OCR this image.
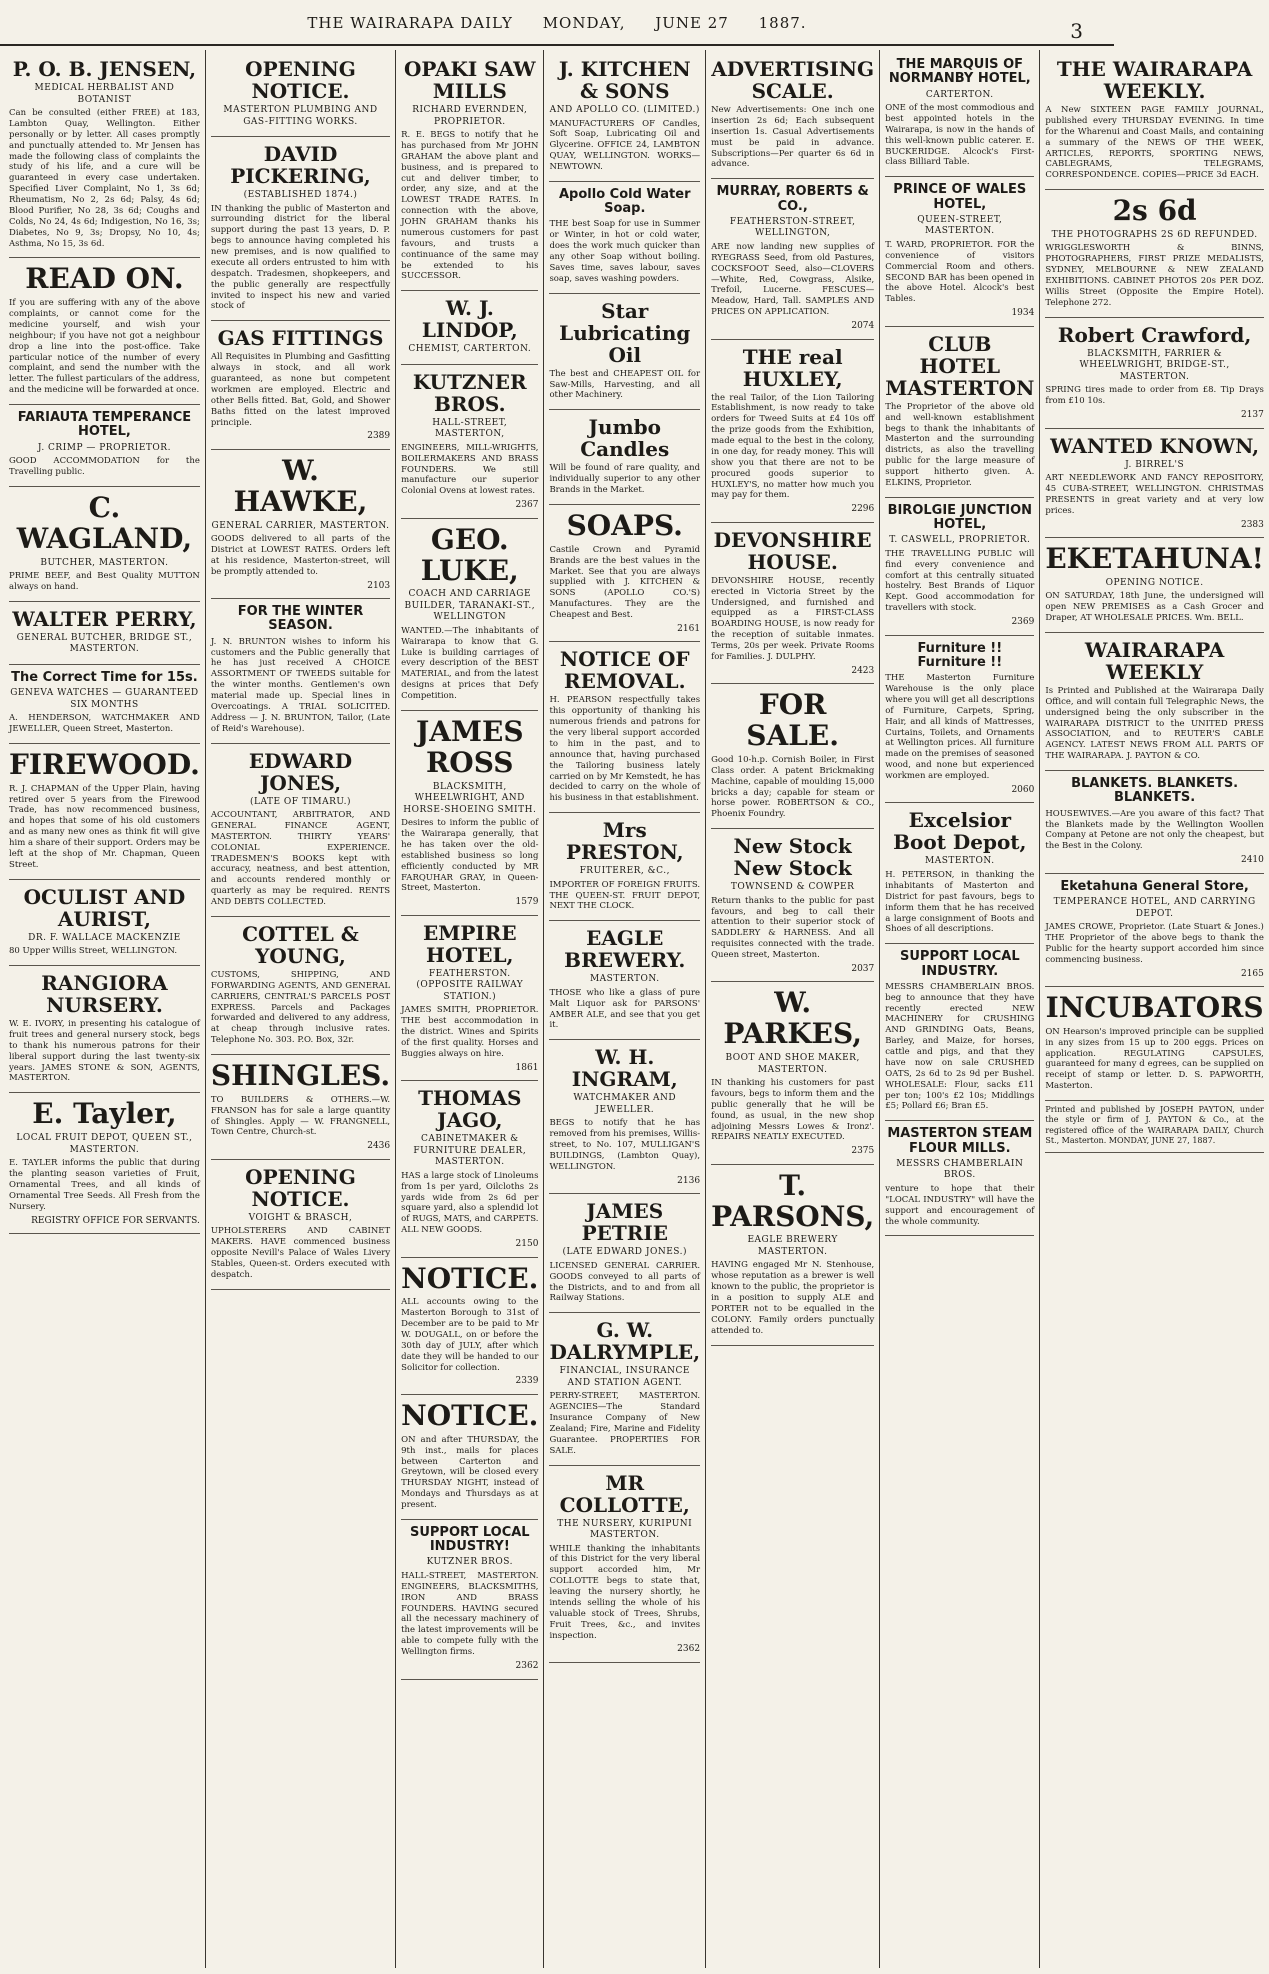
THE WAIRARAPA DAILY MONDAY, JUNE 27 1887.	3
P. O. B. JENSEN,
MEDICAL HERBALIST AND BOTANIST

Can be consulted (either FREE) at 183, Lambton Quay, Wellington. Either personally or by letter. All cases promptly and punctually attended to. Mr Jensen has made the following class of complaints the study of his life, and a cure will be guaranteed in every case undertaken. Specified Liver Complaint, No 1, 3s 6d; Rheumatism, No 2, 2s 6d; Palsy, 4s 6d; Blood Purifier, No 28, 3s 6d; Coughs and Colds, No 24, 4s 6d; Indigestion, No 16, 3s; Diabetes, No 9, 3s; Dropsy, No 10, 4s; Asthma, No 15, 3s 6d.

READ ON.

If you are suffering with any of the above complaints, or cannot come for the medicine yourself, and wish your neighbour; if you have not got a neighbour drop a line into the post-office. Take particular notice of the number of every complaint, and send the number with the letter. The fullest particulars of the address, and the medicine will be forwarded at once.

FARIAUTA TEMPERANCE HOTEL,
J. CRIMP — PROPRIETOR.

GOOD ACCOMMODATION for the Travelling public.

C. WAGLAND,
BUTCHER, MASTERTON.

PRIME BEEF, and Best Quality MUTTON always on hand.

WALTER PERRY,
GENERAL BUTCHER, BRIDGE ST., MASTERTON.
The Correct Time for 15s.
GENEVA WATCHES — GUARANTEED SIX MONTHS

A. HENDERSON, WATCHMAKER AND JEWELLER, Queen Street, Masterton.

FIREWOOD.

R. J. CHAPMAN of the Upper Plain, having retired over 5 years from the Firewood Trade, has now recommenced business, and hopes that some of his old customers and as many new ones as think fit will give him a share of their support. Orders may be left at the shop of Mr. Chapman, Queen Street.

OCULIST AND AURIST,
DR. F. WALLACE MACKENZIE

80 Upper Willis Street, WELLINGTON.

RANGIORA NURSERY.

W. E. IVORY, in presenting his catalogue of fruit trees and general nursery stock, begs to thank his numerous patrons for their liberal support during the last twenty-six years. JAMES STONE & SON, AGENTS, MASTERTON.

E. Tayler,
LOCAL FRUIT DEPOT, QUEEN ST., MASTERTON.

E. TAYLER informs the public that during the planting season varieties of Fruit, Ornamental Trees, and all kinds of Ornamental Tree Seeds. All Fresh from the Nursery.

REGISTRY OFFICE FOR SERVANTS.
OPENING NOTICE.
MASTERTON PLUMBING AND GAS-FITTING WORKS.
DAVID PICKERING,
(ESTABLISHED 1874.)

IN thanking the public of Masterton and surrounding district for the liberal support during the past 13 years, D. P. begs to announce having completed his new premises, and is now qualified to execute all orders entrusted to him with despatch. Tradesmen, shopkeepers, and the public generally are respectfully invited to inspect his new and varied stock of

GAS FITTINGS

All Requisites in Plumbing and Gasfitting always in stock, and all work guaranteed, as none but competent workmen are employed. Electric and other Bells fitted. Bat, Gold, and Shower Baths fitted on the latest improved principle.

2389
W. HAWKE,
GENERAL CARRIER, MASTERTON.

GOODS delivered to all parts of the District at LOWEST RATES. Orders left at his residence, Masterton-street, will be promptly attended to.

2103
FOR THE WINTER SEASON.

J. N. BRUNTON wishes to inform his customers and the Public generally that he has just received A CHOICE ASSORTMENT OF TWEEDS suitable for the winter months. Gentlemen's own material made up. Special lines in Overcoatings. A TRIAL SOLICITED. Address — J. N. BRUNTON, Tailor, (Late of Reid's Warehouse).

EDWARD JONES,
(LATE OF TIMARU.)

ACCOUNTANT, ARBITRATOR, AND GENERAL FINANCE AGENT, MASTERTON. THIRTY YEARS' COLONIAL EXPERIENCE. TRADESMEN'S BOOKS kept with accuracy, neatness, and best attention, and accounts rendered monthly or quarterly as may be required. RENTS AND DEBTS COLLECTED.

COTTEL & YOUNG,

CUSTOMS, SHIPPING, AND FORWARDING AGENTS, AND GENERAL CARRIERS, CENTRAL'S PARCELS POST EXPRESS. Parcels and Packages forwarded and delivered to any address, at cheap through inclusive rates. Telephone No. 303. P.O. Box, 32r.

SHINGLES.

TO BUILDERS & OTHERS.—W. FRANSON has for sale a large quantity of Shingles. Apply — W. FRANGNELL, Town Centre, Church-st.

2436
OPENING NOTICE.
VOIGHT & BRASCH,

UPHOLSTERERS AND CABINET MAKERS. HAVE commenced business opposite Nevill's Palace of Wales Livery Stables, Queen-st. Orders executed with despatch.

OPAKI SAW MILLS
RICHARD EVERNDEN, PROPRIETOR.

R. E. BEGS to notify that he has purchased from Mr JOHN GRAHAM the above plant and business, and is prepared to cut and deliver timber, to order, any size, and at the LOWEST TRADE RATES. In connection with the above, JOHN GRAHAM thanks his numerous customers for past favours, and trusts a continuance of the same may be extended to his SUCCESSOR.

W. J. LINDOP,
CHEMIST, CARTERTON.
KUTZNER BROS.
HALL-STREET, MASTERTON,

ENGINEERS, MILL-WRIGHTS, BOILERMAKERS AND BRASS FOUNDERS. We still manufacture our superior Colonial Ovens at lowest rates.

2367
GEO. LUKE,
COACH AND CARRIAGE BUILDER, TARANAKI-ST., WELLINGTON

WANTED.—The inhabitants of Wairarapa to know that G. Luke is building carriages of every description of the BEST MATERIAL, and from the latest designs at prices that Defy Competition.

JAMES ROSS
BLACKSMITH, WHEELWRIGHT, AND HORSE-SHOEING SMITH.

Desires to inform the public of the Wairarapa generally, that he has taken over the old-established business so long efficiently conducted by MR FARQUHAR GRAY, in Queen-Street, Masterton.

1579
EMPIRE HOTEL,
FEATHERSTON. (OPPOSITE RAILWAY STATION.)

JAMES SMITH, PROPRIETOR. THE best accommodation in the district. Wines and Spirits of the first quality. Horses and Buggies always on hire.

1861
THOMAS JAGO,
CABINETMAKER & FURNITURE DEALER, MASTERTON.

HAS a large stock of Linoleums from 1s per yard, Oilcloths 2s yards wide from 2s 6d per square yard, also a splendid lot of RUGS, MATS, and CARPETS. ALL NEW GOODS.

2150
NOTICE.

ALL accounts owing to the Masterton Borough to 31st of December are to be paid to Mr W. DOUGALL, on or before the 30th day of JULY, after which date they will be handed to our Solicitor for collection.

2339
NOTICE.

ON and after THURSDAY, the 9th inst., mails for places between Carterton and Greytown, will be closed every THURSDAY NIGHT, instead of Mondays and Thursdays as at present.

SUPPORT LOCAL INDUSTRY!
KUTZNER BROS.

HALL-STREET, MASTERTON. ENGINEERS, BLACKSMITHS, IRON AND BRASS FOUNDERS. HAVING secured all the necessary machinery of the latest improvements will be able to compete fully with the Wellington firms.

2362
J. KITCHEN & SONS
AND APOLLO CO. (LIMITED.)

MANUFACTURERS OF Candles, Soft Soap, Lubricating Oil and Glycerine. OFFICE 24, LAMBTON QUAY, WELLINGTON. WORKS—NEWTOWN.

Apollo Cold Water Soap.

THE best Soap for use in Summer or Winter, in hot or cold water, does the work much quicker than any other Soap without boiling. Saves time, saves labour, saves soap, saves washing powders.

Star Lubricating Oil

The best and CHEAPEST OIL for Saw-Mills, Harvesting, and all other Machinery.

Jumbo Candles

Will be found of rare quality, and individually superior to any other Brands in the Market.

SOAPS.

Castile Crown and Pyramid Brands are the best values in the Market. See that you are always supplied with J. KITCHEN & SONS (APOLLO CO.'S) Manufactures. They are the Cheapest and Best.

2161
NOTICE OF REMOVAL.

H. PEARSON respectfully takes this opportunity of thanking his numerous friends and patrons for the very liberal support accorded to him in the past, and to announce that, having purchased the Tailoring business lately carried on by Mr Kemstedt, he has decided to carry on the whole of his business in that establishment.

Mrs PRESTON,
FRUITERER, &C.,

IMPORTER OF FOREIGN FRUITS. THE QUEEN-ST. FRUIT DEPOT, NEXT THE CLOCK.

EAGLE BREWERY.
MASTERTON.

THOSE who like a glass of pure Malt Liquor ask for PARSONS' AMBER ALE, and see that you get it.

W. H. INGRAM,
WATCHMAKER AND JEWELLER.

BEGS to notify that he has removed from his premises, Willis-street, to No. 107, MULLIGAN'S BUILDINGS, (Lambton Quay), WELLINGTON.

2136
JAMES PETRIE
(LATE EDWARD JONES.)

LICENSED GENERAL CARRIER. GOODS conveyed to all parts of the Districts, and to and from all Railway Stations.

G. W. DALRYMPLE,
FINANCIAL, INSURANCE AND STATION AGENT.

PERRY-STREET, MASTERTON. AGENCIES—The Standard Insurance Company of New Zealand; Fire, Marine and Fidelity Guarantee. PROPERTIES FOR SALE.

MR COLLOTTE,
THE NURSERY, KURIPUNI MASTERTON.

WHILE thanking the inhabitants of this District for the very liberal support accorded him, Mr COLLOTTE begs to state that, leaving the nursery shortly, he intends selling the whole of his valuable stock of Trees, Shrubs, Fruit Trees, &c., and invites inspection.

2362
ADVERTISING SCALE.

New Advertisements: One inch one insertion 2s 6d; Each subsequent insertion 1s. Casual Advertisements must be paid in advance. Subscriptions—Per quarter 6s 6d in advance.

MURRAY, ROBERTS & CO.,
FEATHERSTON-STREET, WELLINGTON,

ARE now landing new supplies of RYEGRASS Seed, from old Pastures, COCKSFOOT Seed, also—CLOVERS—White, Red, Cowgrass, Alsike, Trefoil, Lucerne. FESCUES—Meadow, Hard, Tall. SAMPLES AND PRICES ON APPLICATION.

2074
THE real HUXLEY,

the real Tailor, of the Lion Tailoring Establishment, is now ready to take orders for Tweed Suits at £4 10s off the prize goods from the Exhibition, made equal to the best in the colony, in one day, for ready money. This will show you that there are not to be procured goods superior to HUXLEY'S, no matter how much you may pay for them.

2296
DEVONSHIRE HOUSE.

DEVONSHIRE HOUSE, recently erected in Victoria Street by the Undersigned, and furnished and equipped as a FIRST-CLASS BOARDING HOUSE, is now ready for the reception of suitable inmates. Terms, 20s per week. Private Rooms for Families. J. DULPHY.

2423
FOR SALE.

Good 10-h.p. Cornish Boiler, in First Class order. A patent Brickmaking Machine, capable of moulding 15,000 bricks a day; capable for steam or horse power. ROBERTSON & CO., Phoenix Foundry.

New Stock New Stock
TOWNSEND & COWPER

Return thanks to the public for past favours, and beg to call their attention to their superior stock of SADDLERY & HARNESS. And all requisites connected with the trade. Queen street, Masterton.

2037
W. PARKES,
BOOT AND SHOE MAKER, MASTERTON.

IN thanking his customers for past favours, begs to inform them and the public generally that he will be found, as usual, in the new shop adjoining Messrs Lowes & Ironz'. REPAIRS NEATLY EXECUTED.

2375
T. PARSONS,
EAGLE BREWERY MASTERTON.

HAVING engaged Mr N. Stenhouse, whose reputation as a brewer is well known to the public, the proprietor is in a position to supply ALE and PORTER not to be equalled in the COLONY. Family orders punctually attended to.

THE MARQUIS OF NORMANBY HOTEL,
CARTERTON.

ONE of the most commodious and best appointed hotels in the Wairarapa, is now in the hands of this well-known public caterer. E. BUCKERIDGE. Alcock's First-class Billiard Table.

PRINCE OF WALES HOTEL,
QUEEN-STREET, MASTERTON.

T. WARD, PROPRIETOR. FOR the convenience of visitors Commercial Room and others. SECOND BAR has been opened in the above Hotel. Alcock's best Tables.

1934
CLUB HOTEL MASTERTON

The Proprietor of the above old and well-known establishment begs to thank the inhabitants of Masterton and the surrounding districts, as also the travelling public for the large measure of support hitherto given. A. ELKINS, Proprietor.

BIROLGIE JUNCTION HOTEL,
T. CASWELL, PROPRIETOR.

THE TRAVELLING PUBLIC will find every convenience and comfort at this centrally situated hostelry. Best Brands of Liquor Kept. Good accommodation for travellers with stock.

2369
Furniture !! Furniture !!

THE Masterton Furniture Warehouse is the only place where you will get all descriptions of Furniture, Carpets, Spring, Hair, and all kinds of Mattresses, Curtains, Toilets, and Ornaments at Wellington prices. All furniture made on the premises of seasoned wood, and none but experienced workmen are employed.

2060
Excelsior Boot Depot,
MASTERTON.

H. PETERSON, in thanking the inhabitants of Masterton and District for past favours, begs to inform them that he has received a large consignment of Boots and Shoes of all descriptions.

SUPPORT LOCAL INDUSTRY.

MESSRS CHAMBERLAIN BROS. beg to announce that they have recently erected NEW MACHINERY for CRUSHING AND GRINDING Oats, Beans, Barley, and Maize, for horses, cattle and pigs, and that they have now on sale CRUSHED OATS, 2s 6d to 2s 9d per Bushel. WHOLESALE: Flour, sacks £11 per ton; 100's £2 10s; Middlings £5; Pollard £6; Bran £5.

MASTERTON STEAM FLOUR MILLS.
MESSRS CHAMBERLAIN BROS.

venture to hope that their "LOCAL INDUSTRY" will have the support and encouragement of the whole community.

THE WAIRARAPA WEEKLY.

A New SIXTEEN PAGE FAMILY JOURNAL, published every THURSDAY EVENING. In time for the Wharenui and Coast Mails, and containing a summary of the NEWS OF THE WEEK, ARTICLES, REPORTS, SPORTING NEWS, CABLEGRAMS, TELEGRAMS, CORRESPONDENCE. COPIES—PRICE 3d EACH.

2s 6d
THE PHOTOGRAPHS 2S 6D REFUNDED.

WRIGGLESWORTH & BINNS, PHOTOGRAPHERS, FIRST PRIZE MEDALISTS, SYDNEY, MELBOURNE & NEW ZEALAND EXHIBITIONS. CABINET PHOTOS 20s PER DOZ. Willis Street (Opposite the Empire Hotel). Telephone 272.

Robert Crawford,
BLACKSMITH, FARRIER & WHEELWRIGHT, BRIDGE-ST., MASTERTON.

SPRING tires made to order from £8. Tip Drays from £10 10s.

2137
WANTED KNOWN,
J. BIRREL'S

ART NEEDLEWORK AND FANCY REPOSITORY, 45 CUBA-STREET, WELLINGTON. CHRISTMAS PRESENTS in great variety and at very low prices.

2383
EKETAHUNA!
OPENING NOTICE.

ON SATURDAY, 18th June, the undersigned will open NEW PREMISES as a Cash Grocer and Draper, AT WHOLESALE PRICES. Wm. BELL.

WAIRARAPA WEEKLY

Is Printed and Published at the Wairarapa Daily Office, and will contain full Telegraphic News, the undersigned being the only subscriber in the WAIRARAPA DISTRICT to the UNITED PRESS ASSOCIATION, and to REUTER'S CABLE AGENCY. LATEST NEWS FROM ALL PARTS OF THE WAIRARAPA. J. PAYTON & CO.

BLANKETS. BLANKETS. BLANKETS.

HOUSEWIVES.—Are you aware of this fact? That the Blankets made by the Wellington Woollen Company at Petone are not only the cheapest, but the Best in the Colony.

2410
Eketahuna General Store,
TEMPERANCE HOTEL, AND CARRYING DEPOT.

JAMES CROWE, Proprietor. (Late Stuart & Jones.) THE Proprietor of the above begs to thank the Public for the hearty support accorded him since commencing business.

2165
INCUBATORS

ON Hearson's improved principle can be supplied in any sizes from 15 up to 200 eggs. Prices on application. REGULATING CAPSULES, guaranteed for many d egrees, can be supplied on receipt of stamp or letter. D. S. PAPWORTH, Masterton.

Printed and published by JOSEPH PAYTON, under the style or firm of J. PAYTON & Co., at the registered office of the WAIRARAPA DAILY, Church St., Masterton. MONDAY, JUNE 27, 1887.
